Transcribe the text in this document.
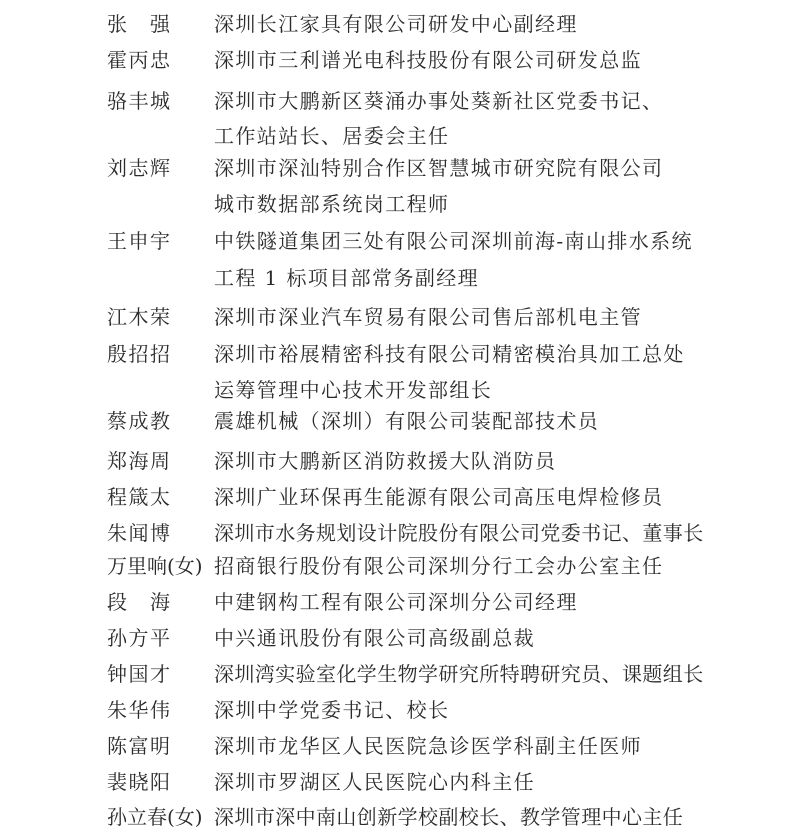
张　强 深圳长江家具有限公司研发中心副经理
霍丙忠 深圳市三利谱光电科技股份有限公司研发总监
骆丰城 深圳市大鹏新区葵涌办事处葵新社区党委书记、
工作站站长、居委会主任
刘志辉 深圳市深汕特别合作区智慧城市研究院有限公司
城市数据部系统岗工程师
王申宇 中铁隧道集团三处有限公司深圳前海-南山排水系统
工程 1 标项目部常务副经理
江木荣 深圳市深业汽车贸易有限公司售后部机电主管
殷招招 深圳市裕展精密科技有限公司精密模治具加工总处
运筹管理中心技术开发部组长
蔡成教 震雄机械（深圳）有限公司装配部技术员
郑海周 深圳市大鹏新区消防救援大队消防员
程箴太 深圳广业环保再生能源有限公司高压电焊检修员
朱闻博 深圳市水务规划设计院股份有限公司党委书记、董事长
万里响(女) 招商银行股份有限公司深圳分行工会办公室主任
段　海 中建钢构工程有限公司深圳分公司经理
孙方平 中兴通讯股份有限公司高级副总裁
钟国才 深圳湾实验室化学生物学研究所特聘研究员、课题组长
朱华伟 深圳中学党委书记、校长
陈富明 深圳市龙华区人民医院急诊医学科副主任医师
裴晓阳 深圳市罗湖区人民医院心内科主任
孙立春(女) 深圳市深中南山创新学校副校长、教学管理中心主任
